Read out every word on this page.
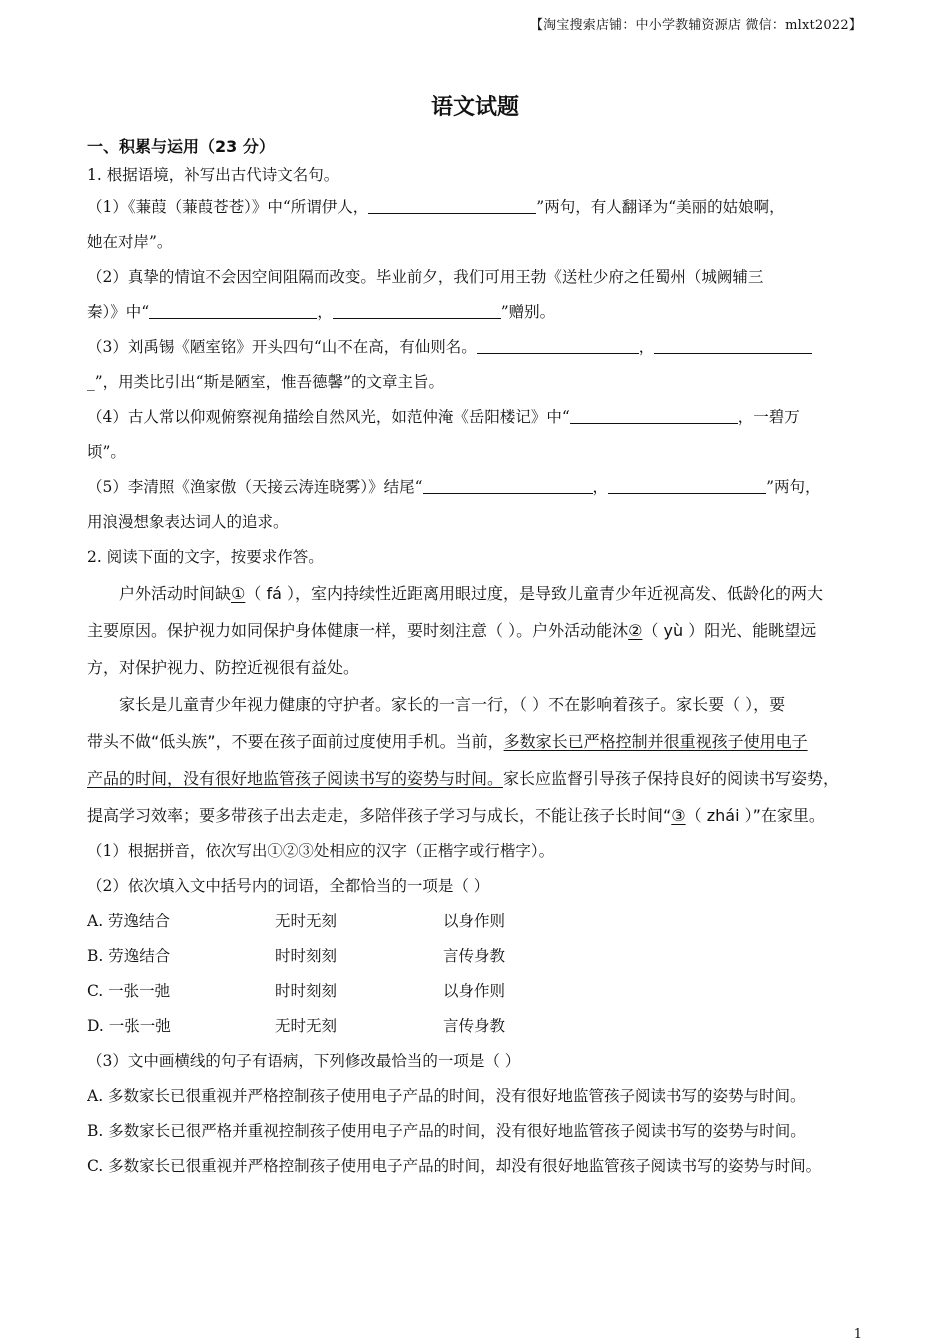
【淘宝搜索店铺：中小学教辅资源店 微信：mlxt2022】
语文试题
一、积累与运用（23 分）
1. 根据语境，补写出古代诗文名句。
（1）《蒹葭（蒹葭苍苍）》中“所谓伊人，	”两句，有人翻译为“美丽的姑娘啊，
她在对岸”。
（2）真挚的情谊不会因空间阻隔而改变。毕业前夕，我们可用王勃《送杜少府之任蜀州（城阙辅三
秦）》中“	，	”赠别。
（3）刘禹锡《陋室铭》开头四句“山不在高，有仙则名。	，
_”，用类比引出“斯是陋室，惟吾德馨”的文章主旨。
（4）古人常以仰观俯察视角描绘自然风光，如范仲淹《岳阳楼记》中“	，一碧万
顷”。
（5）李清照《渔家傲（天接云涛连晓雾）》结尾“	，	”两句，
用浪漫想象表达词人的追求。
2. 阅读下面的文字，按要求作答。
户外活动时间缺①（ fá ），室内持续性近距离用眼过度，是导致儿童青少年近视高发、低龄化的两大
主要原因。保护视力如同保护身体健康一样，要时刻注意（ ）。户外活动能沐②（ yù ）阳光、能眺望远
方，对保护视力、防控近视很有益处。
家长是儿童青少年视力健康的守护者。家长的一言一行，（ ）不在影响着孩子。家长要（ ），要
带头不做“低头族”，不要在孩子面前过度使用手机。当前，多数家长已严格控制并很重视孩子使用电子
产品的时间，没有很好地监管孩子阅读书写的姿势与时间。家长应监督引导孩子保持良好的阅读书写姿势，
提高学习效率；要多带孩子出去走走，多陪伴孩子学习与成长，不能让孩子长时间“③（ zhái ）”在家里。
（1）根据拼音，依次写出①②③处相应的汉字（正楷字或行楷字）。
（2）依次填入文中括号内的词语，全都恰当的一项是（ ）
A. 劳逸结合	无时无刻	以身作则
B. 劳逸结合	时时刻刻	言传身教
C. 一张一弛	时时刻刻	以身作则
D. 一张一弛	无时无刻	言传身教
（3）文中画横线的句子有语病，下列修改最恰当的一项是（ ）
A. 多数家长已很重视并严格控制孩子使用电子产品的时间，没有很好地监管孩子阅读书写的姿势与时间。
B. 多数家长已很严格并重视控制孩子使用电子产品的时间，没有很好地监管孩子阅读书写的姿势与时间。
C. 多数家长已很重视并严格控制孩子使用电子产品的时间，却没有很好地监管孩子阅读书写的姿势与时间。
1
